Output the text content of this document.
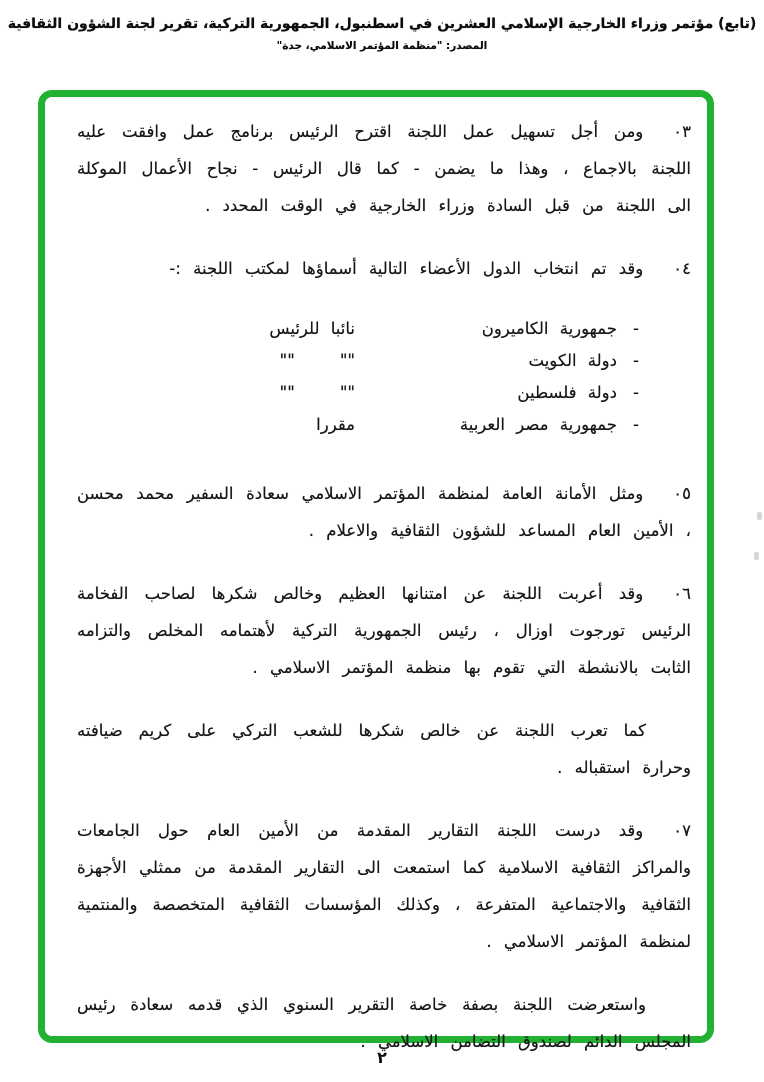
(تابع) مؤتمر وزراء الخارجية الإسلامي العشرين في اسطنبول، الجمهورية التركية، تقرير لجنة الشؤون الثقافية
المصدر: "منظمة المؤتمر الاسلامي، جدة"

٠٣ومن أجل تسهيل عمل اللجنة اقترح الرئيس برنامج عمل وافقت عليه اللجنة بالاجماع ، وهذا ما يضمن - كما قال الرئيس - نجاح الأعمال الموكلة الى اللجنة من قبل السادة وزراء الخارجية في الوقت المحدد .

٠٤وقد تم انتخاب الدول الأعضاء التالية أسماؤها لمكتب اللجنة :-

-
جمهورية الكاميرون
نائبا للرئيس
-
دولة الكويت
""    ""
-
دولة فلسطين
""    ""
-
جمهورية مصر العربية
مقررا

٠٥ومثل الأمانة العامة لمنظمة المؤتمر الاسلامي سعادة السفير محمد محسن ، الأمين العام المساعد للشؤون الثقافية والاعلام .

٠٦وقد أعربت اللجنة عن امتنانها العظيم وخالص شكرها لصاحب الفخامة الرئيس تورجوت اوزال ، رئيس الجمهورية التركية لأهتمامه المخلص والتزامه الثابت بالانشطة التي تقوم بها منظمة المؤتمر الاسلامي .

كما تعرب اللجنة عن خالص شكرها للشعب التركي على كريم ضيافته وحرارة استقباله .

٠٧وقد درست اللجنة التقارير المقدمة من الأمين العام حول الجامعات والمراكز الثقافية الاسلامية كما استمعت الى التقارير المقدمة من ممثلي الأجهزة الثقافية والاجتماعية المتفرعة ، وكذلك المؤسسات الثقافية المتخصصة والمنتمية لمنظمة المؤتمر الاسلامي .

واستعرضت اللجنة بصفة خاصة التقرير السنوي الذي قدمه سعادة رئيس المجلس الدائم لصندوق التضامن الاسلامي .

٢
